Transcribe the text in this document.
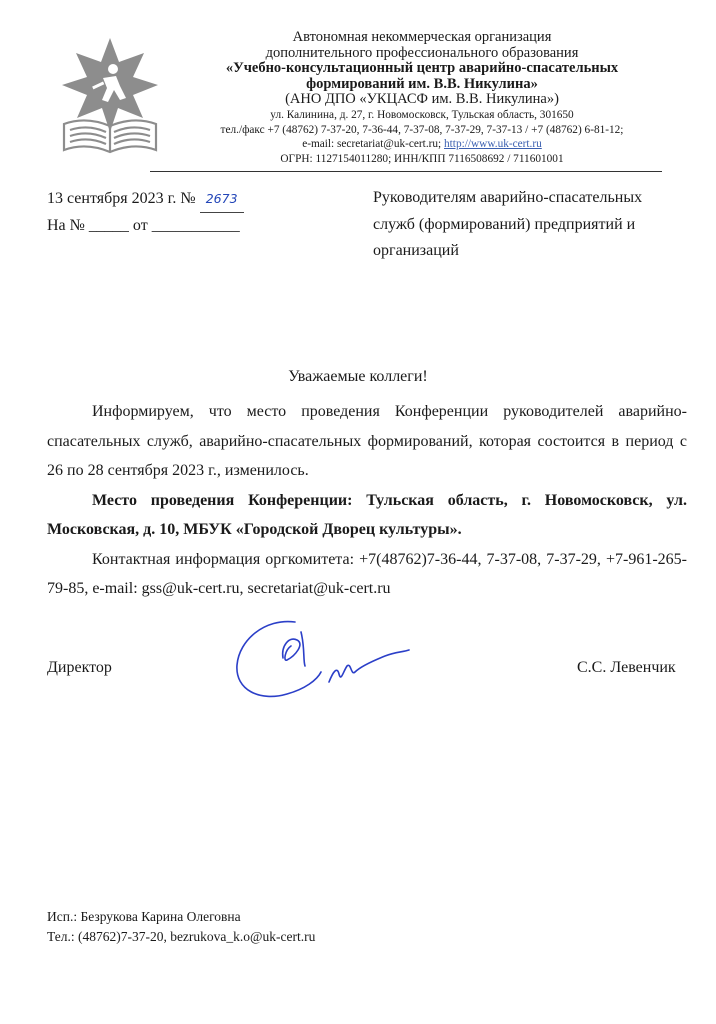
Автономная некоммерческая организация
дополнительного профессионального образования
«Учебно-консультационный центр аварийно-спасательных
формирований им. В.В. Никулина»
(АНО ДПО «УКЦАСФ им. В.В. Никулина»)
ул. Калинина, д. 27, г. Новомосковск, Тульская область, 301650
тел./факс +7 (48762) 7-37-20, 7-36-44, 7-37-08, 7-37-29, 7-37-13 / +7 (48762) 6-81-12;
e-mail: secretariat@uk-cert.ru; http://www.uk-cert.ru
ОГРН: 1127154011280; ИНН/КПП 7116508692 / 711601001
13 сентября 2023 г. № 2673
На № _____ от ___________
Руководителям аварийно-спасательных служб (формирований) предприятий и организаций
Уважаемые коллеги!

Информируем, что место проведения Конференции руководителей аварийно-спасательных служб, аварийно-спасательных формирований, которая состоится в период с 26 по 28 сентября 2023 г., изменилось.

Место проведения Конференции: Тульская область, г. Новомосковск, ул. Московская, д. 10, МБУК «Городской Дворец культуры».

Контактная информация оргкомитета: +7(48762)7-36-44, 7-37-08, 7-37-29, +7-961-265-79-85, e-mail: gss@uk-cert.ru, secretariat@uk-cert.ru

Директор	С.С. Левенчик
Исп.: Безрукова Карина Олеговна
Тел.: (48762)7-37-20, bezrukova_k.o@uk-cert.ru
